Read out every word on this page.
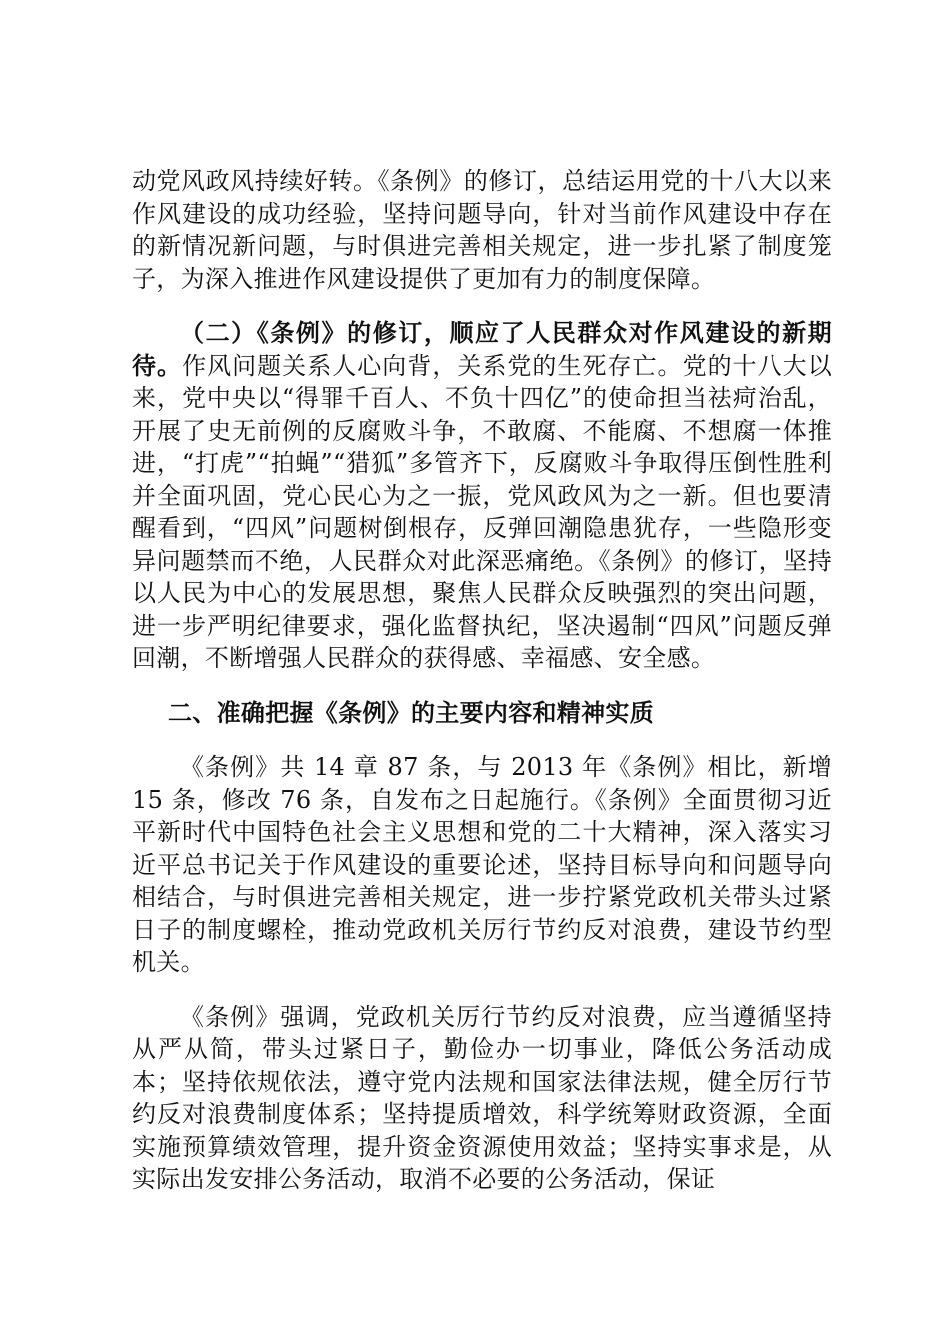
动党风政风持续好转。《条例》的修订，总结运用党的十八大以来作风建设的成功经验，坚持问题导向，针对当前作风建设中存在的新情况新问题，与时俱进完善相关规定，进一步扎紧了制度笼子，为深入推进作风建设提供了更加有力的制度保障。

（二）《条例》的修订，顺应了人民群众对作风建设的新期待。作风问题关系人心向背，关系党的生死存亡。党的十八大以来，党中央以“得罪千百人、不负十四亿”的使命担当祛疴治乱，开展了史无前例的反腐败斗争，不敢腐、不能腐、不想腐一体推进，“打虎”“拍蝇”“猎狐”多管齐下，反腐败斗争取得压倒性胜利并全面巩固，党心民心为之一振，党风政风为之一新。但也要清醒看到，“四风”问题树倒根存，反弹回潮隐患犹存，一些隐形变异问题禁而不绝，人民群众对此深恶痛绝。《条例》的修订，坚持以人民为中心的发展思想，聚焦人民群众反映强烈的突出问题，进一步严明纪律要求，强化监督执纪，坚决遏制“四风”问题反弹回潮，不断增强人民群众的获得感、幸福感、安全感。

二、准确把握《条例》的主要内容和精神实质

《条例》共 14 章 87 条，与 2013 年《条例》相比，新增 15 条，修改 76 条，自发布之日起施行。《条例》全面贯彻习近平新时代中国特色社会主义思想和党的二十大精神，深入落实习近平总书记关于作风建设的重要论述，坚持目标导向和问题导向相结合，与时俱进完善相关规定，进一步拧紧党政机关带头过紧日子的制度螺栓，推动党政机关厉行节约反对浪费，建设节约型机关。

《条例》强调，党政机关厉行节约反对浪费，应当遵循坚持从严从简，带头过紧日子，勤俭办一切事业，降低公务活动成本；坚持依规依法，遵守党内法规和国家法律法规，健全厉行节约反对浪费制度体系；坚持提质增效，科学统筹财政资源，全面实施预算绩效管理，提升资金资源使用效益；坚持实事求是，从实际出发安排公务活动，取消不必要的公务活动，保证
